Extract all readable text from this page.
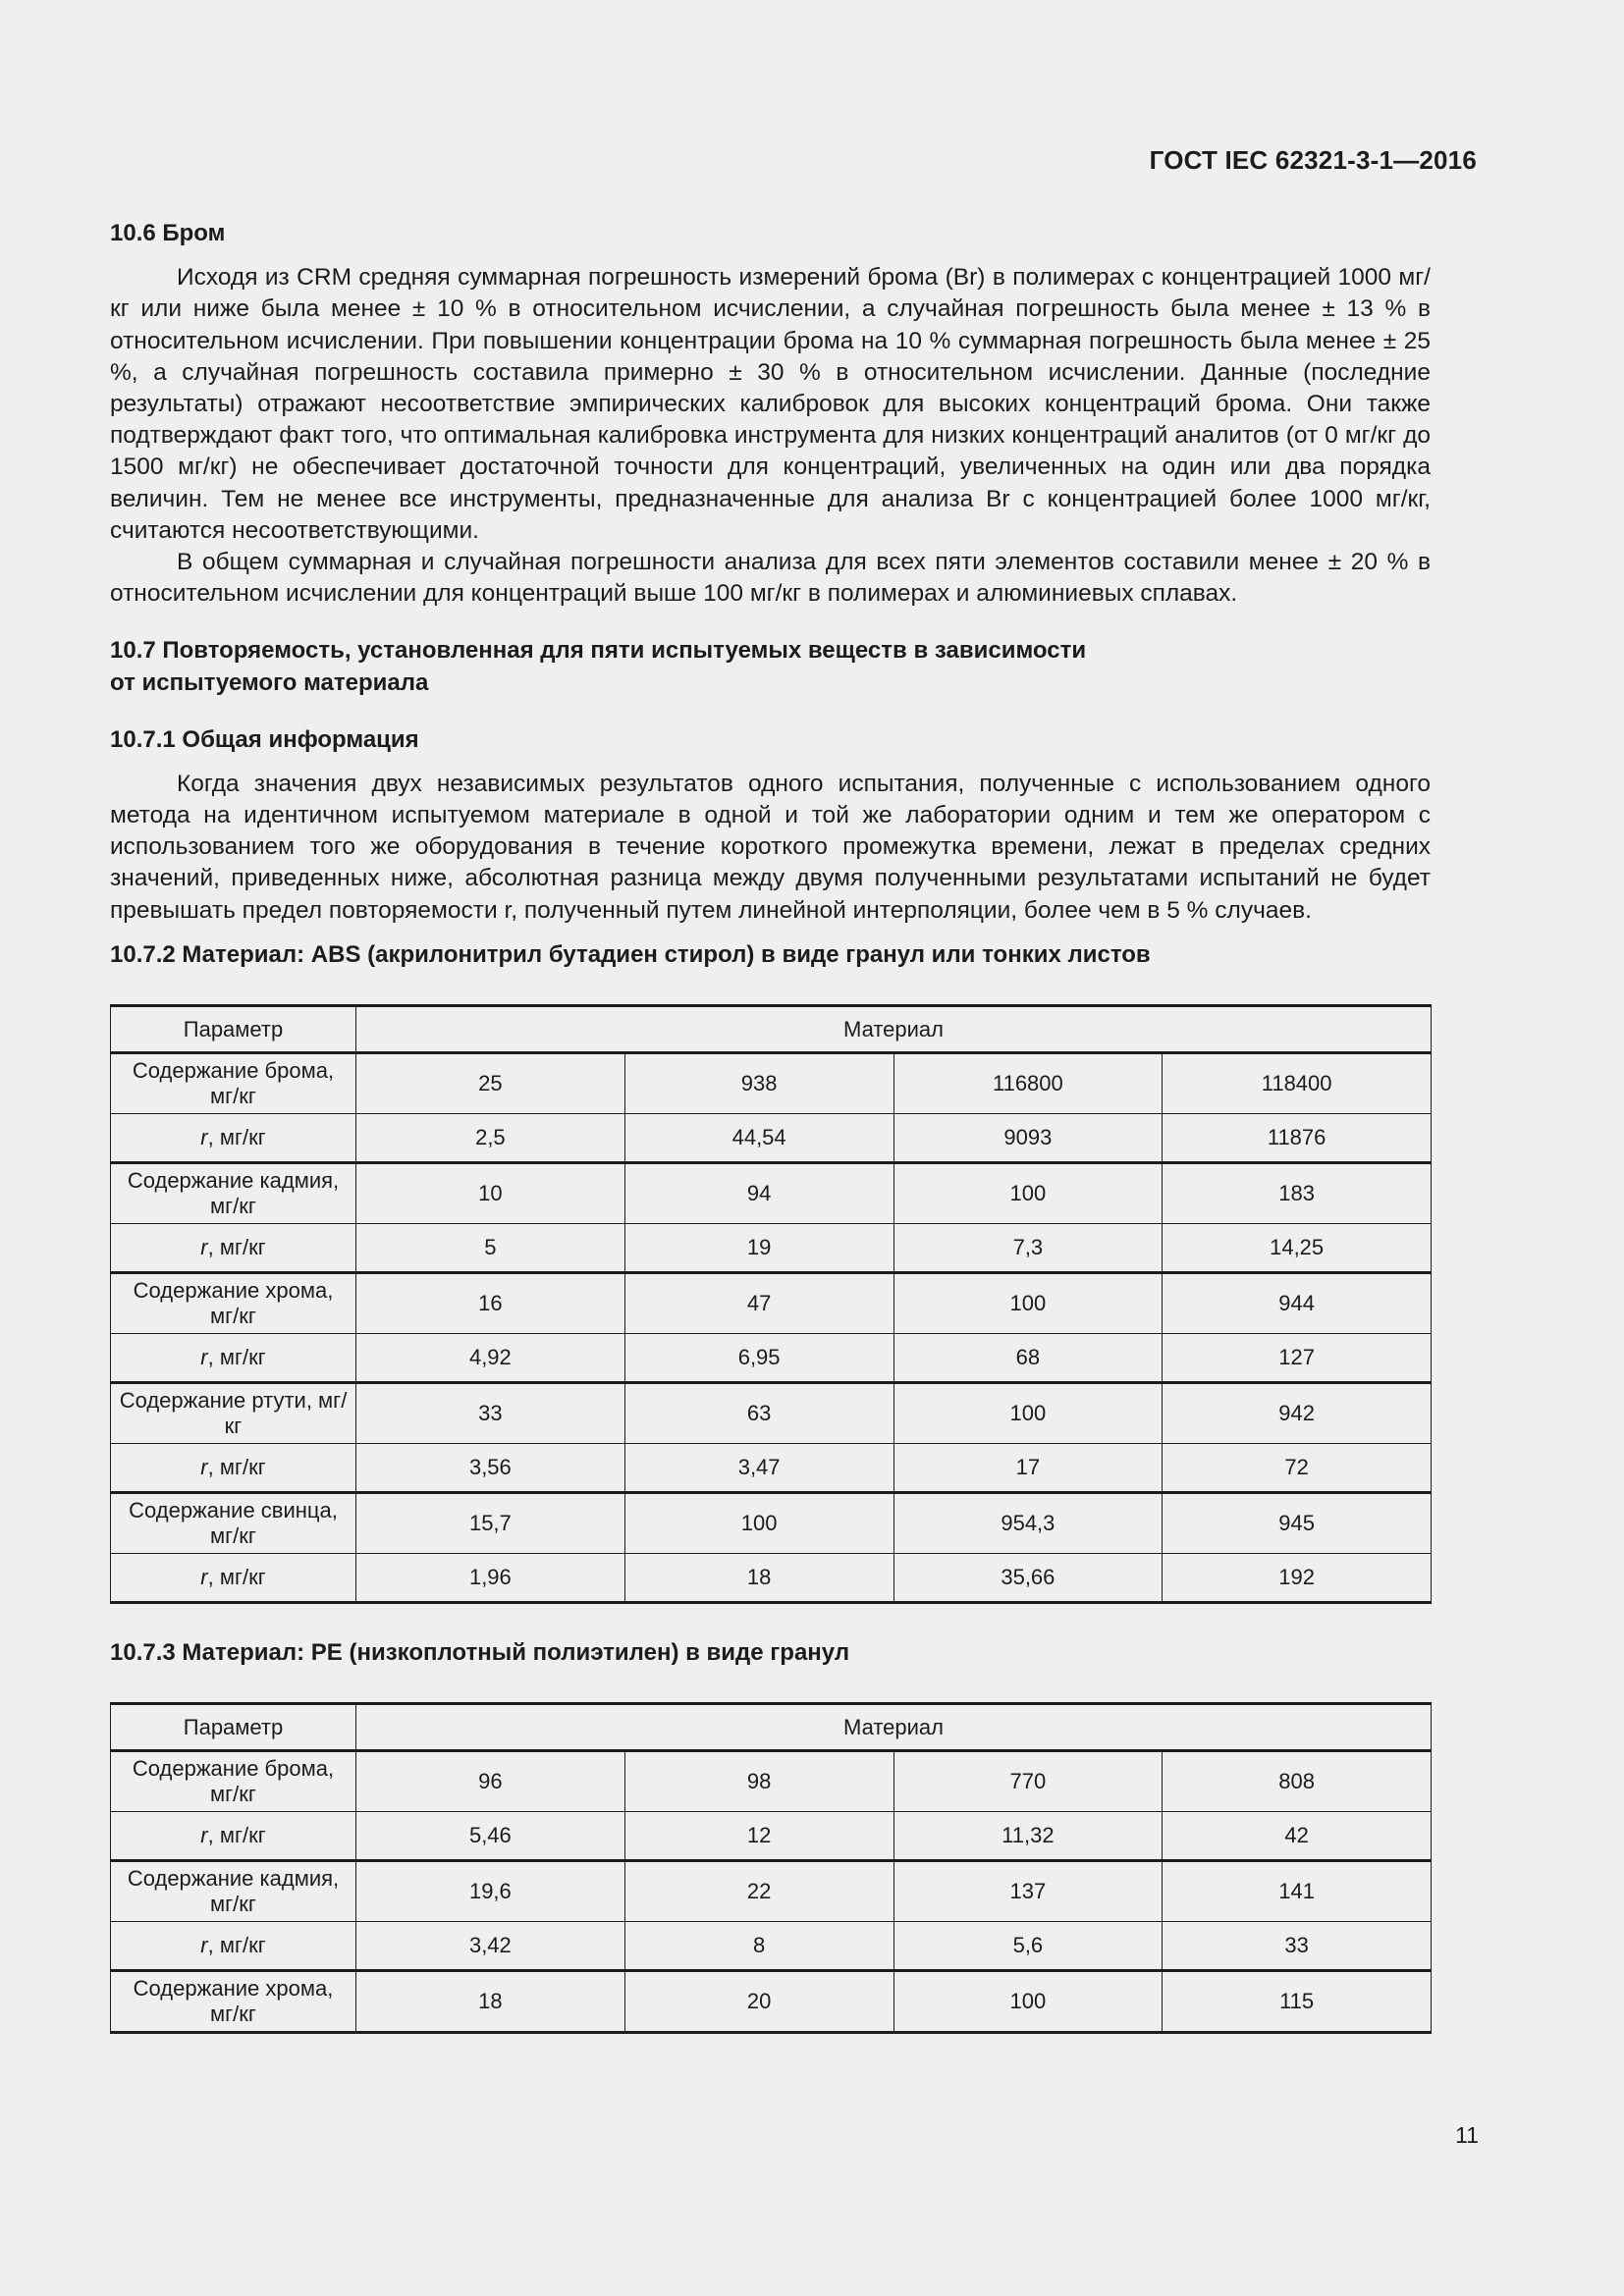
ГОСТ IEC 62321-3-1—2016
10.6 Бром

Исходя из CRM средняя суммарная погрешность измерений брома (Br) в полимерах с концентрацией 1000 мг/кг или ниже была менее ± 10 % в относительном исчислении, а случайная погрешность была менее ± 13 % в относительном исчислении. При повышении концентрации брома на 10 % суммарная погрешность была менее ± 25 %, а случайная погрешность составила примерно ± 30 % в относительном исчислении. Данные (последние результаты) отражают несоответствие эмпирических калибровок для высоких концентраций брома. Они также подтверждают факт того, что оптимальная калибровка инструмента для низких концентраций аналитов (от 0 мг/кг до 1500 мг/кг) не обеспечивает достаточной точности для концентраций, увеличенных на один или два порядка величин. Тем не менее все инструменты, предназначенные для анализа Br с концентрацией более 1000 мг/кг, считаются несоответствующими.

В общем суммарная и случайная погрешности анализа для всех пяти элементов составили менее ± 20 % в относительном исчислении для концентраций выше 100 мг/кг в полимерах и алюминиевых сплавах.

10.7 Повторяемость, установленная для пяти испытуемых веществ в зависимости
от испытуемого материала
10.7.1 Общая информация

Когда значения двух независимых результатов одного испытания, полученные с использованием одного метода на идентичном испытуемом материале в одной и той же лаборатории одним и тем же оператором с использованием того же оборудования в течение короткого промежутка времени, лежат в пределах средних значений, приведенных ниже, абсолютная разница между двумя полученными результатами испытаний не будет превышать предел повторяемости r, полученный путем линейной интерполяции, более чем в 5 % случаев.

10.7.2 Материал: ABS (акрилонитрил бутадиен стирол) в виде гранул или тонких листов
Параметр	Материал			
Содержание брома, мг/кг	25	938	116800	118400
r, мг/кг	2,5	44,54	9093	11876
Содержание кадмия, мг/кг	10	94	100	183
r, мг/кг	5	19	7,3	14,25
Содержание хрома, мг/кг	16	47	100	944
r, мг/кг	4,92	6,95	68	127
Содержание ртути, мг/кг	33	63	100	942
r, мг/кг	3,56	3,47	17	72
Содержание свинца, мг/кг	15,7	100	954,3	945
r, мг/кг	1,96	18	35,66	192
10.7.3 Материал: PE (низкоплотный полиэтилен) в виде гранул
Параметр	Материал			
Содержание брома, мг/кг	96	98	770	808
r, мг/кг	5,46	12	11,32	42
Содержание кадмия, мг/кг	19,6	22	137	141
r, мг/кг	3,42	8	5,6	33
Содержание хрома, мг/кг	18	20	100	115
11
